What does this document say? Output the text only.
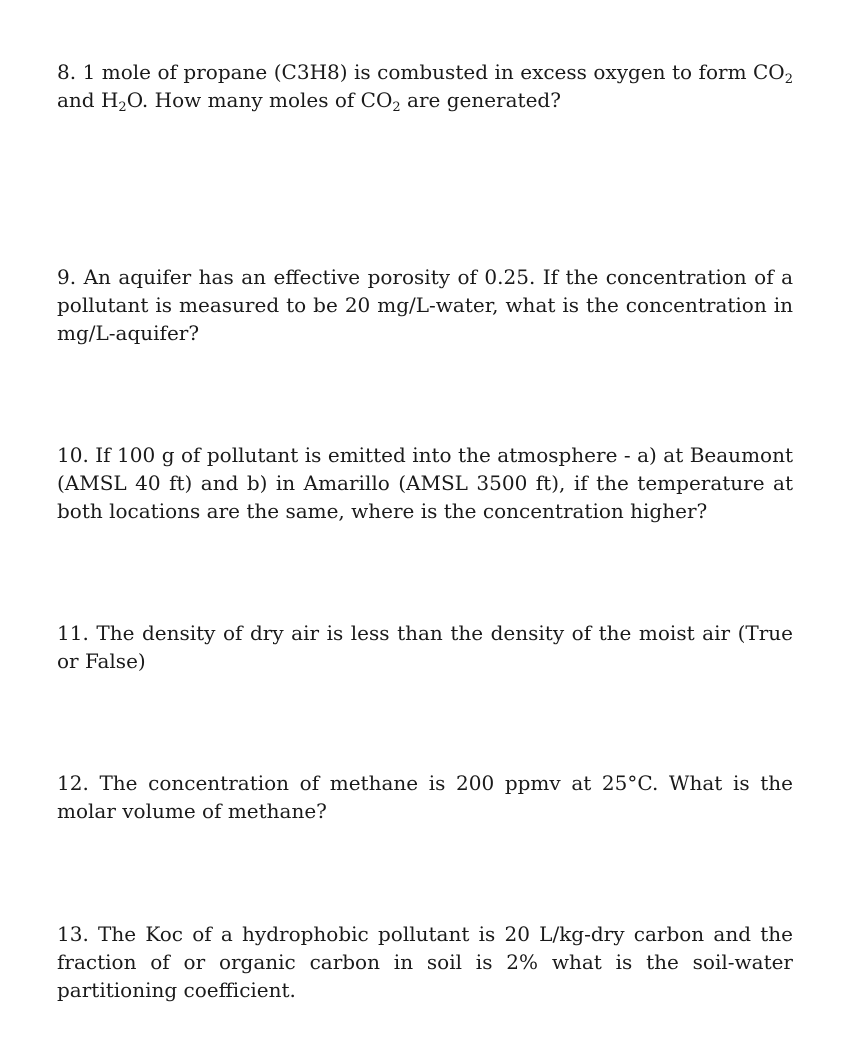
8. 1 mole of propane (C3H8) is combusted in excess oxygen to form $CO_2$ and $H_2O$. How many moles of $CO_2$ are generated?

9. An aquifer has an effective porosity of 0.25. If the concentration of a pollutant is measured to be 20 mg/L-water, what is the concentration in mg/L-aquifer?

10. If 100 g of pollutant is emitted into the atmosphere - a) at Beaumont (AMSL 40 ft) and b) in Amarillo (AMSL 3500 ft), if the temperature at both locations are the same, where is the concentration higher?

11. The density of dry air is less than the density of the moist air (True or False)

12. The concentration of methane is 200 ppmv at 25°C. What is the molar volume of methane?

13. The Koc of a hydrophobic pollutant is 20 L/kg-dry carbon and the fraction of or organic carbon in soil is 2% what is the soil-water partitioning coefficient.
